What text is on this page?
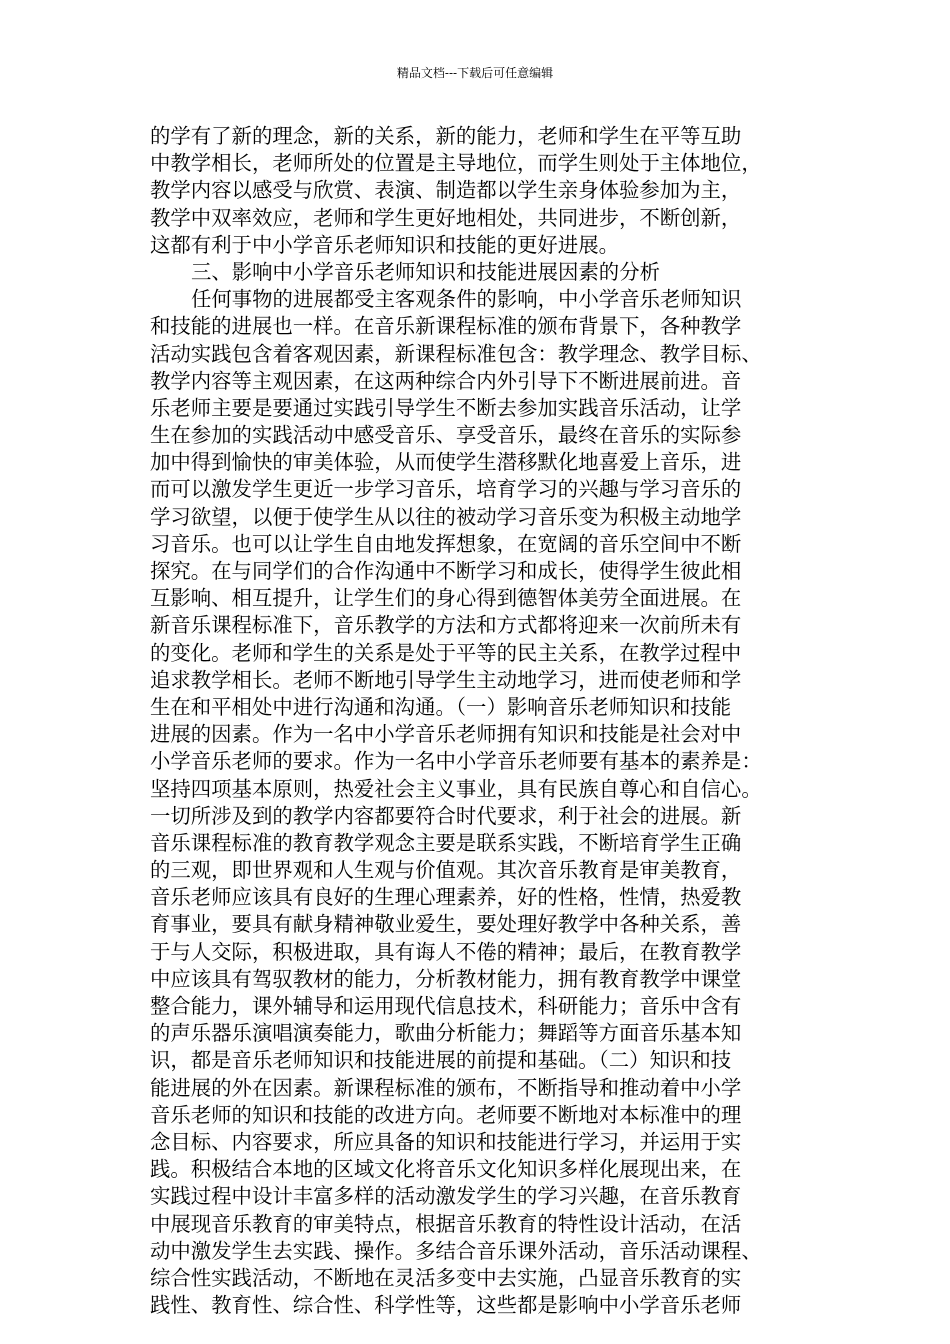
精品文档---下载后可任意编辑
的学有了新的理念，新的关系，新的能力，老师和学生在平等互助
中教学相长，老师所处的位置是主导地位，而学生则处于主体地位，
教学内容以感受与欣赏、表演、制造都以学生亲身体验参加为主，
教学中双率效应，老师和学生更好地相处，共同进步，不断创新，
这都有利于中小学音乐老师知识和技能的更好进展。
三、影响中小学音乐老师知识和技能进展因素的分析
任何事物的进展都受主客观条件的影响，中小学音乐老师知识
和技能的进展也一样。在音乐新课程标准的颁布背景下，各种教学
活动实践包含着客观因素，新课程标准包含：教学理念、教学目标、
教学内容等主观因素，在这两种综合内外引导下不断进展前进。音
乐老师主要是要通过实践引导学生不断去参加实践音乐活动，让学
生在参加的实践活动中感受音乐、享受音乐，最终在音乐的实际参
加中得到愉快的审美体验，从而使学生潜移默化地喜爱上音乐，进
而可以激发学生更近一步学习音乐，培育学习的兴趣与学习音乐的
学习欲望，以便于使学生从以往的被动学习音乐变为积极主动地学
习音乐。也可以让学生自由地发挥想象，在宽阔的音乐空间中不断
探究。在与同学们的合作沟通中不断学习和成长，使得学生彼此相
互影响、相互提升，让学生们的身心得到德智体美劳全面进展。在
新音乐课程标准下，音乐教学的方法和方式都将迎来一次前所未有
的变化。老师和学生的关系是处于平等的民主关系，在教学过程中
追求教学相长。老师不断地引导学生主动地学习，进而使老师和学
生在和平相处中进行沟通和沟通。（一）影响音乐老师知识和技能
进展的因素。作为一名中小学音乐老师拥有知识和技能是社会对中
小学音乐老师的要求。作为一名中小学音乐老师要有基本的素养是：
坚持四项基本原则，热爱社会主义事业，具有民族自尊心和自信心。
一切所涉及到的教学内容都要符合时代要求，利于社会的进展。新
音乐课程标准的教育教学观念主要是联系实践，不断培育学生正确
的三观，即世界观和人生观与价值观。其次音乐教育是审美教育，
音乐老师应该具有良好的生理心理素养，好的性格，性情，热爱教
育事业，要具有献身精神敬业爱生，要处理好教学中各种关系，善
于与人交际，积极进取，具有诲人不倦的精神；最后，在教育教学
中应该具有驾驭教材的能力，分析教材能力，拥有教育教学中课堂
整合能力，课外辅导和运用现代信息技术，科研能力；音乐中含有
的声乐器乐演唱演奏能力，歌曲分析能力；舞蹈等方面音乐基本知
识，都是音乐老师知识和技能进展的前提和基础。（二）知识和技
能进展的外在因素。新课程标准的颁布，不断指导和推动着中小学
音乐老师的知识和技能的改进方向。老师要不断地对本标准中的理
念目标、内容要求，所应具备的知识和技能进行学习，并运用于实
践。积极结合本地的区域文化将音乐文化知识多样化展现出来，在
实践过程中设计丰富多样的活动激发学生的学习兴趣，在音乐教育
中展现音乐教育的审美特点，根据音乐教育的特性设计活动，在活
动中激发学生去实践、操作。多结合音乐课外活动，音乐活动课程、
综合性实践活动，不断地在灵活多变中去实施，凸显音乐教育的实
践性、教育性、综合性、科学性等，这些都是影响中小学音乐老师
